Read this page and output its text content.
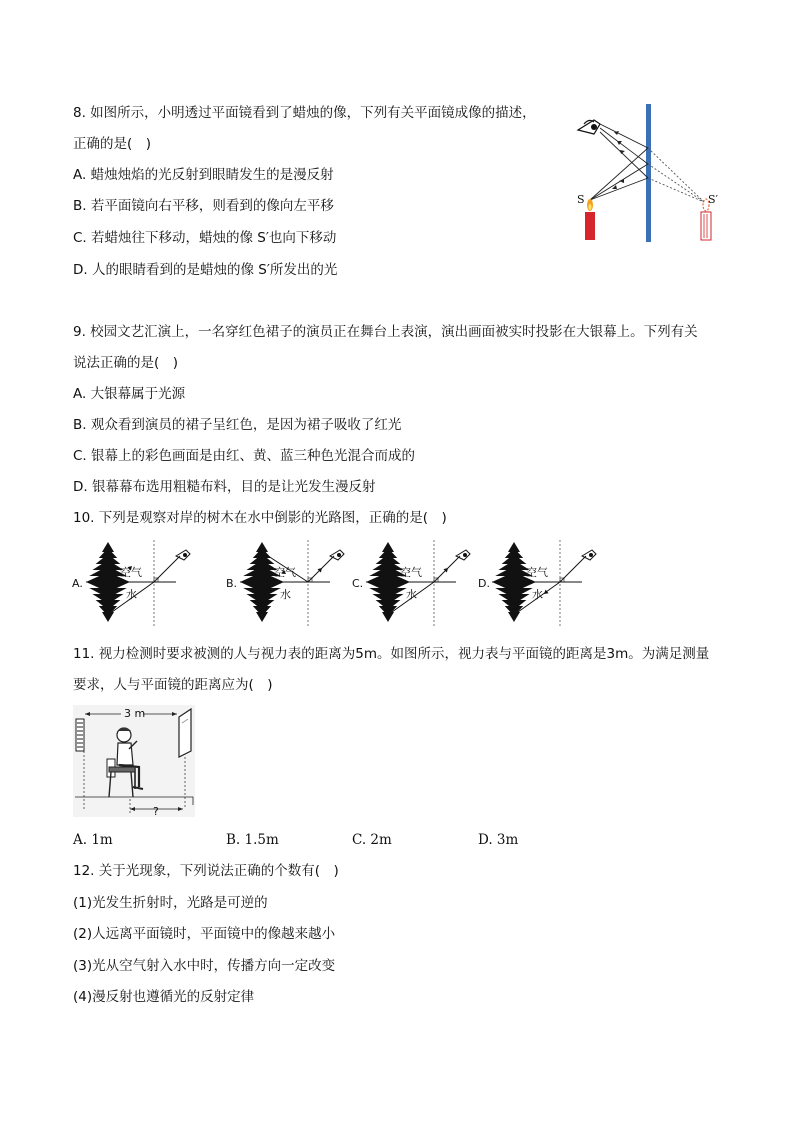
8. 如图所示，小明透过平面镜看到了蜡烛的像，下列有关平面镜成像的描述，
正确的是(　)
A. 蜡烛烛焰的光反射到眼睛发生的是漫反射
B. 若平面镜向右平移，则看到的像向左平移
C. 若蜡烛往下移动，蜡烛的像 S′也向下移动
D. 人的眼睛看到的是蜡烛的像 S′所发出的光
S	S′
9. 校园文艺汇演上，一名穿红色裙子的演员正在舞台上表演，演出画面被实时投影在大银幕上。下列有关
说法正确的是(　)
A. 大银幕属于光源
B. 观众看到演员的裙子呈红色，是因为裙子吸收了红光
C. 银幕上的彩色画面是由红、黄、蓝三种色光混合而成的
D. 银幕幕布选用粗糙布料，目的是让光发生漫反射
10. 下列是观察对岸的树木在水中倒影的光路图，正确的是(　)
A.
空气
水
B.
空气
水
C.
空气
水
D.
空气
水
11. 视力检测时要求被测的人与视力表的距离为5m。如图所示，视力表与平面镜的距离是3m。为满足测量
要求，人与平面镜的距离应为(　)
3 m
?
A. 1m	B. 1.5m	C. 2m	D. 3m
12. 关于光现象，下列说法正确的个数有(　)
(1)光发生折射时，光路是可逆的
(2)人远离平面镜时，平面镜中的像越来越小
(3)光从空气射入水中时，传播方向一定改变
(4)漫反射也遵循光的反射定律
